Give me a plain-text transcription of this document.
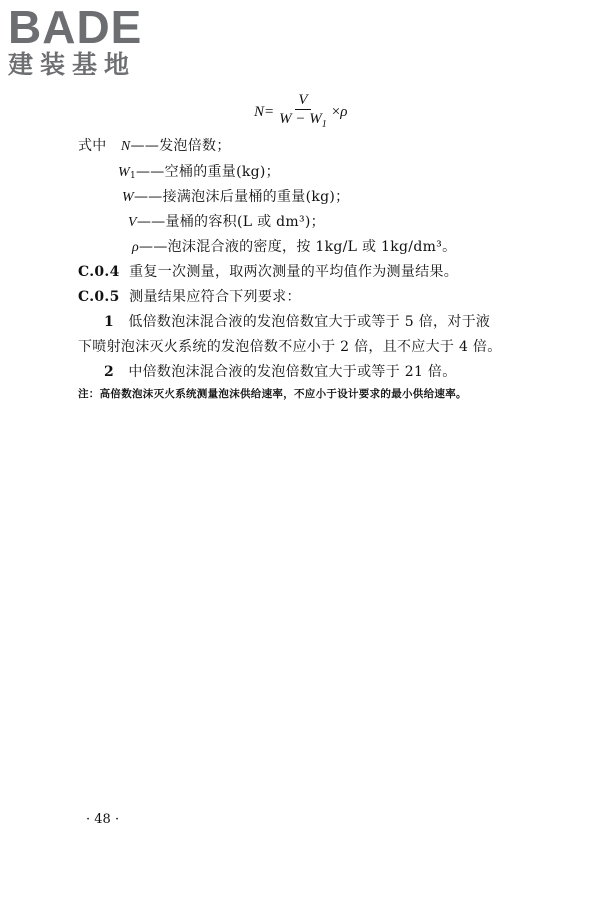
BADE
建装基地
$N= \frac{V}{W - W_1} \times \rho$
式中 N——发泡倍数；
$W_1——$空桶的重量(kg)；
W——接满泡沫后量桶的重量(kg)；
V——量桶的容积(L 或 dm³)；
ρ——泡沫混合液的密度，按 1kg/L 或 1kg/dm³。
C.0.4 重复一次测量，取两次测量的平均值作为测量结果。
C.0.5 测量结果应符合下列要求：
1 低倍数泡沫混合液的发泡倍数宜大于或等于 5 倍，对于液
下喷射泡沫灭火系统的发泡倍数不应小于 2 倍，且不应大于 4 倍。
2 中倍数泡沫混合液的发泡倍数宜大于或等于 21 倍。
注：高倍数泡沫灭火系统测量泡沫供给速率，不应小于设计要求的最小供给速率。
· 48 ·
